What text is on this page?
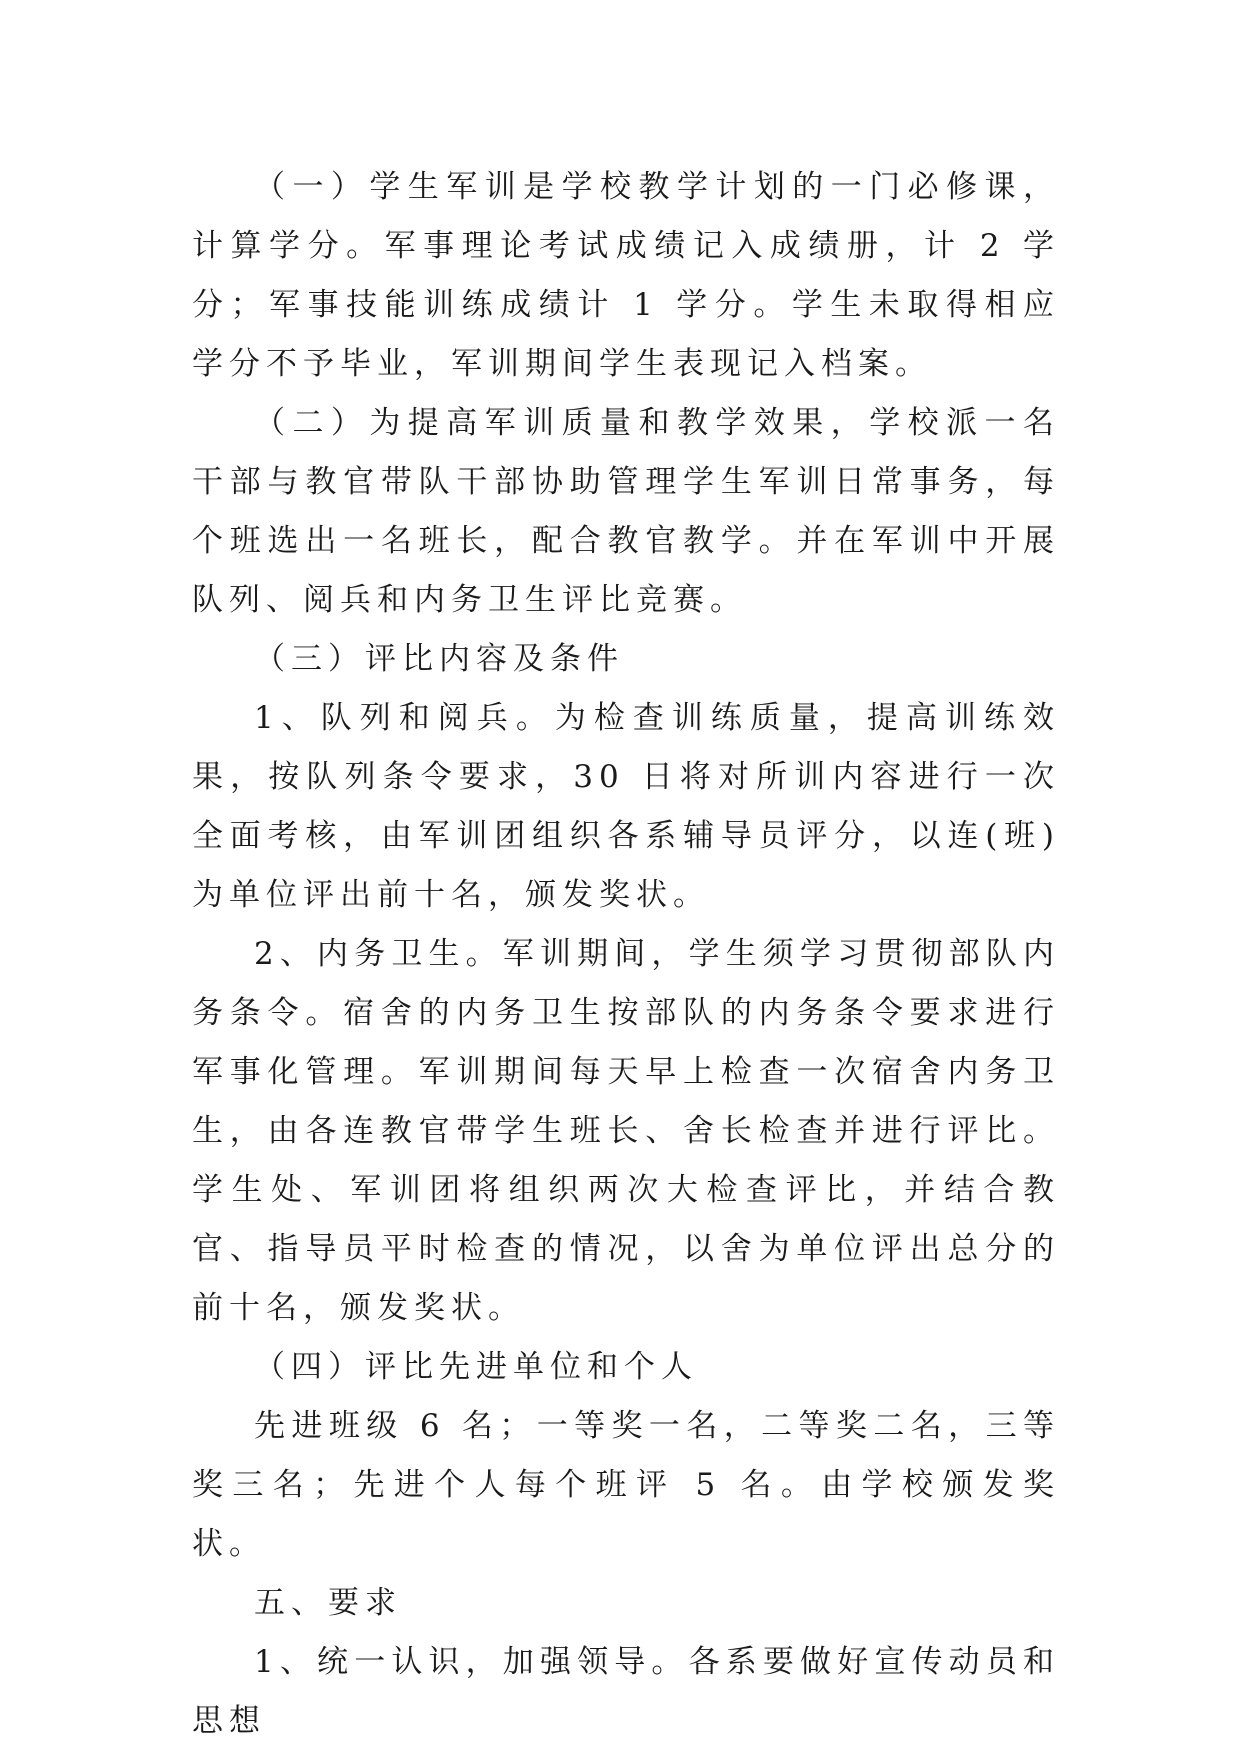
（一）学生军训是学校教学计划的一门必修课，计算学分。军事理论考试成绩记入成绩册，计 2 学分；军事技能训练成绩计 1 学分。学生未取得相应学分不予毕业，军训期间学生表现记入档案。

（二）为提高军训质量和教学效果，学校派一名干部与教官带队干部协助管理学生军训日常事务，每个班选出一名班长，配合教官教学。并在军训中开展队列、阅兵和内务卫生评比竞赛。

（三）评比内容及条件

1、队列和阅兵。为检查训练质量，提高训练效果，按队列条令要求，30 日将对所训内容进行一次全面考核，由军训团组织各系辅导员评分，以连(班)为单位评出前十名，颁发奖状。

2、内务卫生。军训期间，学生须学习贯彻部队内务条令。宿舍的内务卫生按部队的内务条令要求进行军事化管理。军训期间每天早上检查一次宿舍内务卫生，由各连教官带学生班长、舍长检查并进行评比。学生处、军训团将组织两次大检查评比，并结合教官、指导员平时检查的情况，以舍为单位评出总分的前十名，颁发奖状。

（四）评比先进单位和个人

先进班级 6 名；一等奖一名，二等奖二名，三等奖三名；先进个人每个班评 5 名。由学校颁发奖状。

五、要求

1、统一认识，加强领导。各系要做好宣传动员和思想
